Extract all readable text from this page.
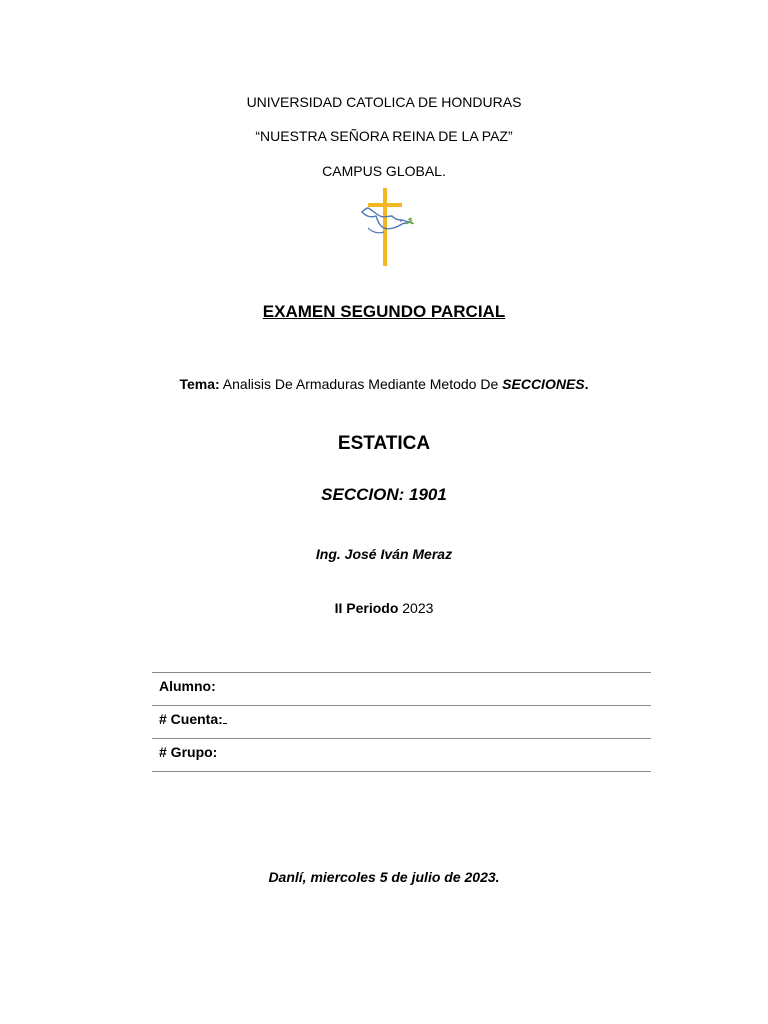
UNIVERSIDAD CATOLICA DE HONDURAS
“NUESTRA SEÑORA REINA DE LA PAZ”
CAMPUS GLOBAL.
EXAMEN SEGUNDO PARCIAL
Tema: Analisis De Armaduras Mediante Metodo De SECCIONES.
ESTATICA
SECCION: 1901
Ing. José Iván Meraz
II Periodo 2023
Alumno:
# Cuenta:
# Grupo:
Danlí, miercoles 5 de julio de 2023.
